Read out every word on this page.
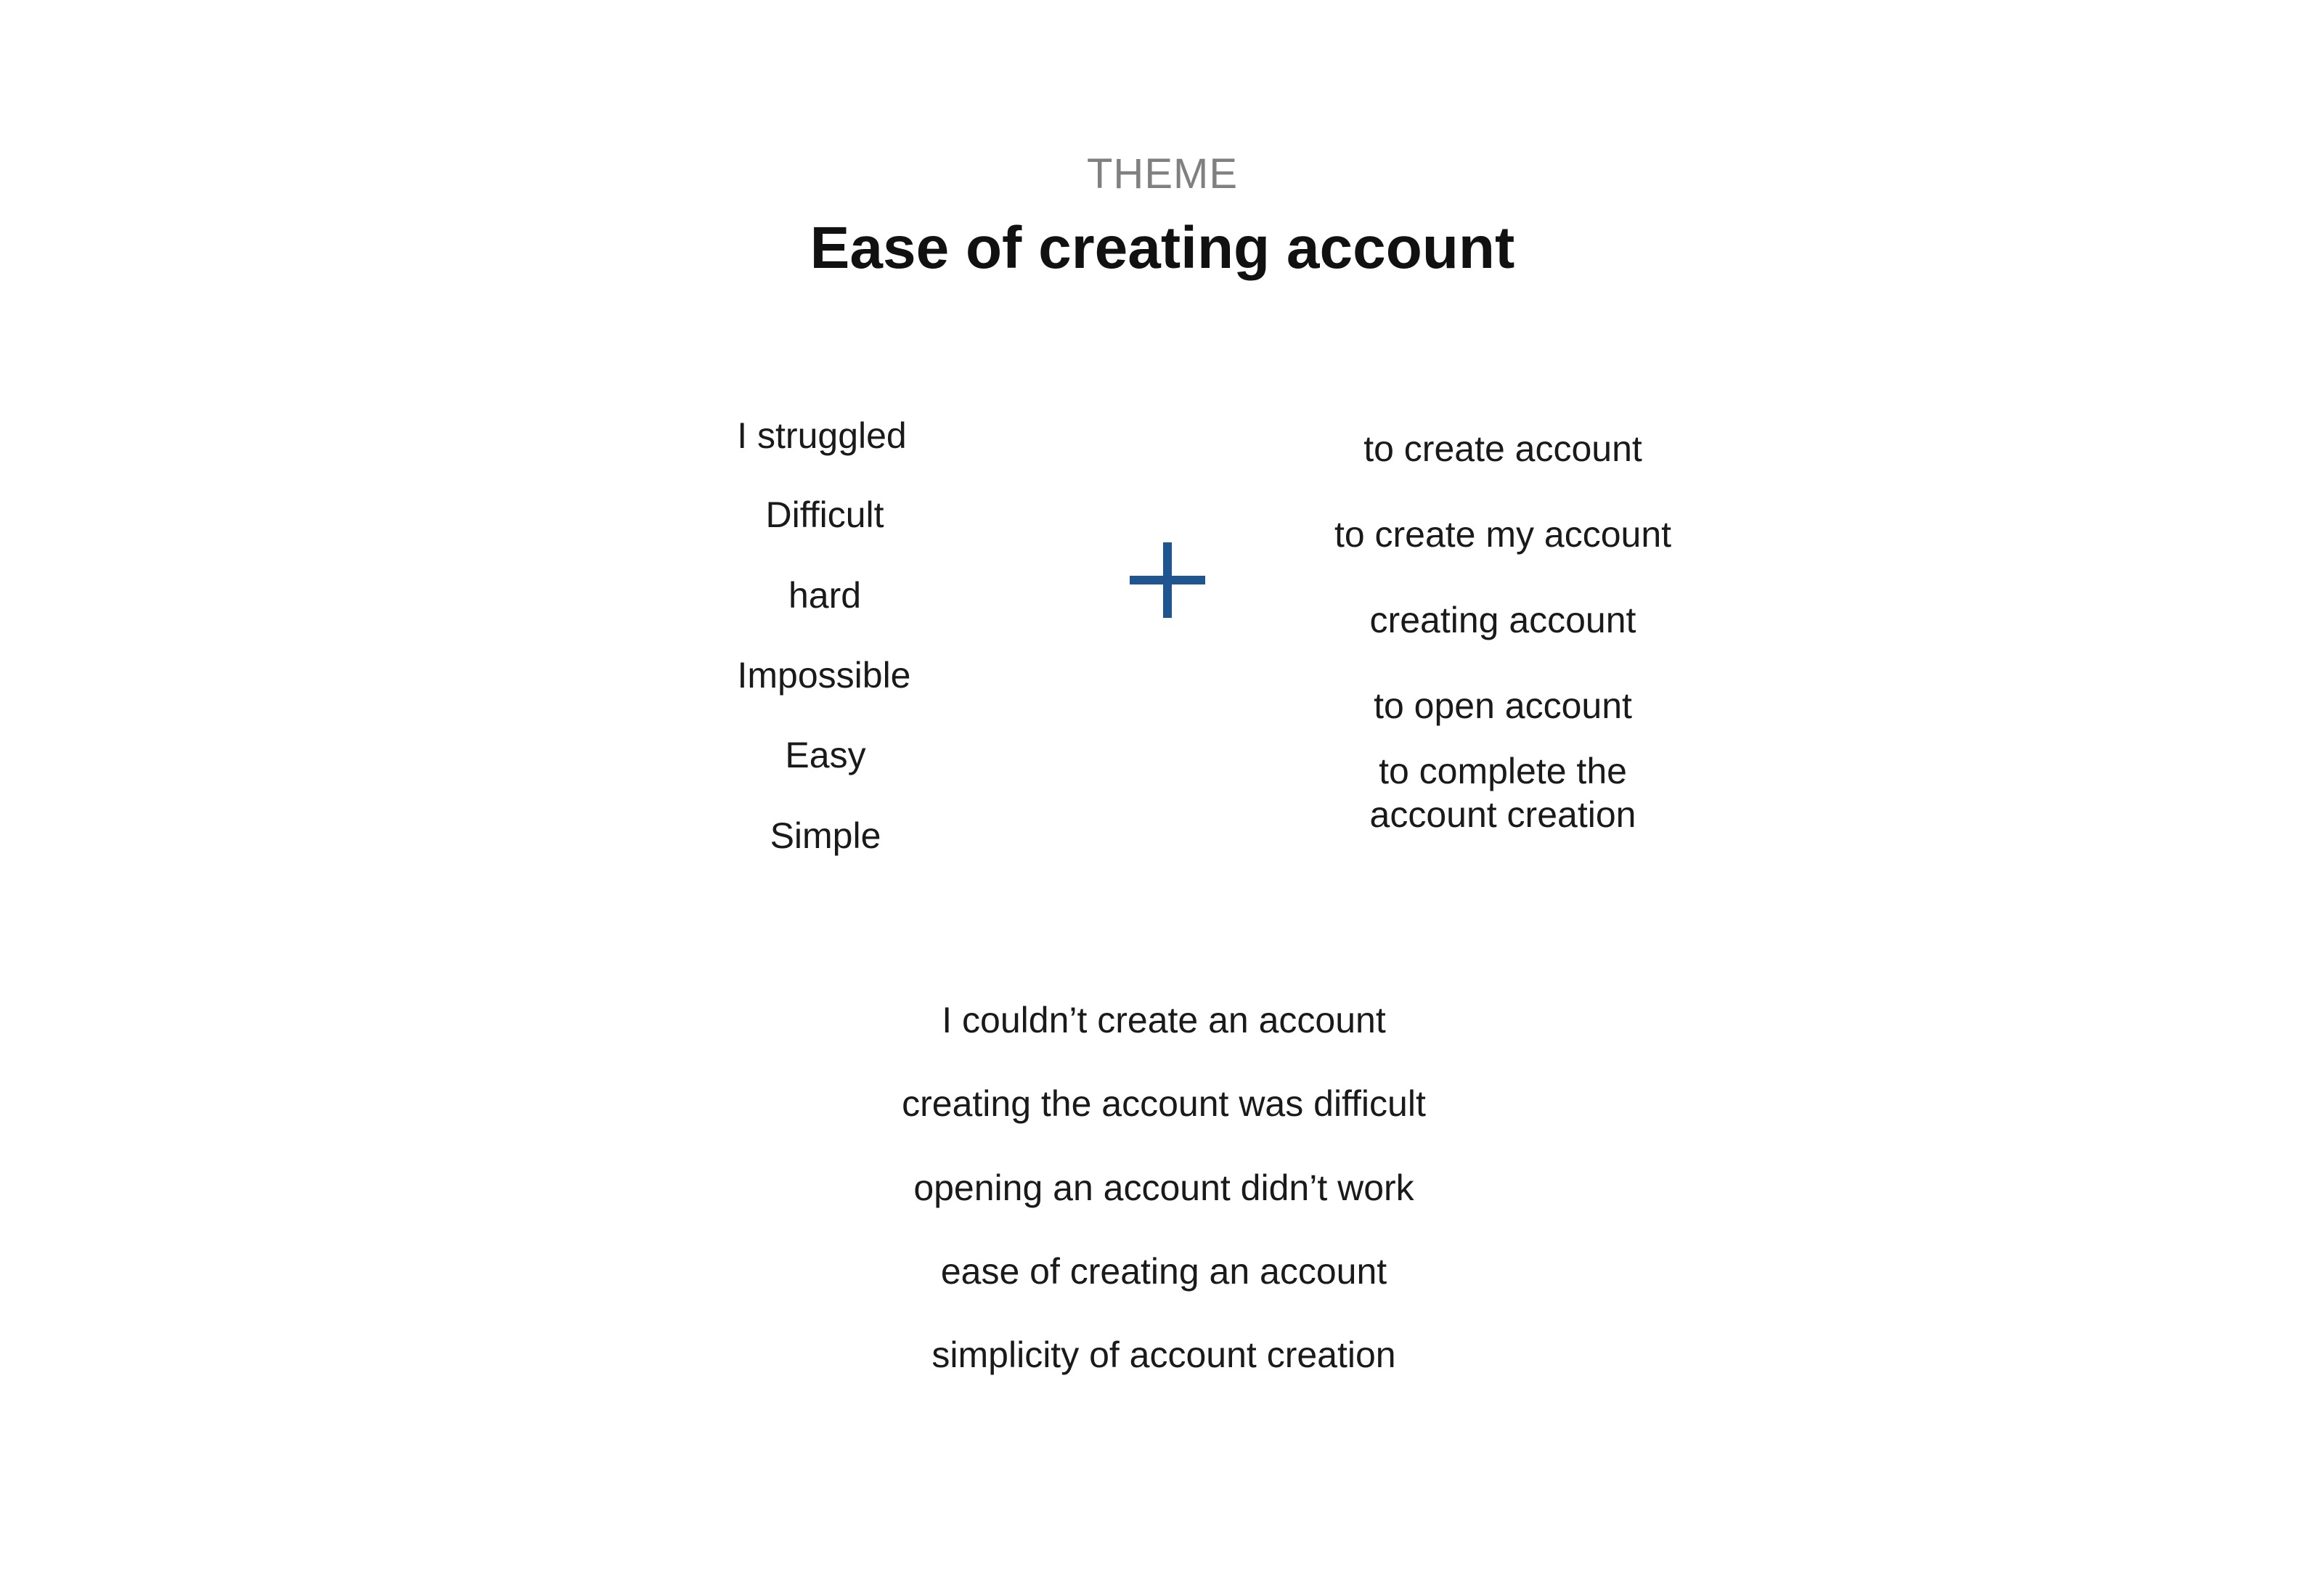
THEME
Ease of creating account
I struggled
Difficult
hard
Impossible
Easy
Simple
to create account
to create my account
creating account
to open account
to complete the account creation
I couldn’t create an account
creating the account was difficult
opening an account didn’t work
ease of creating an account
simplicity of account creation
